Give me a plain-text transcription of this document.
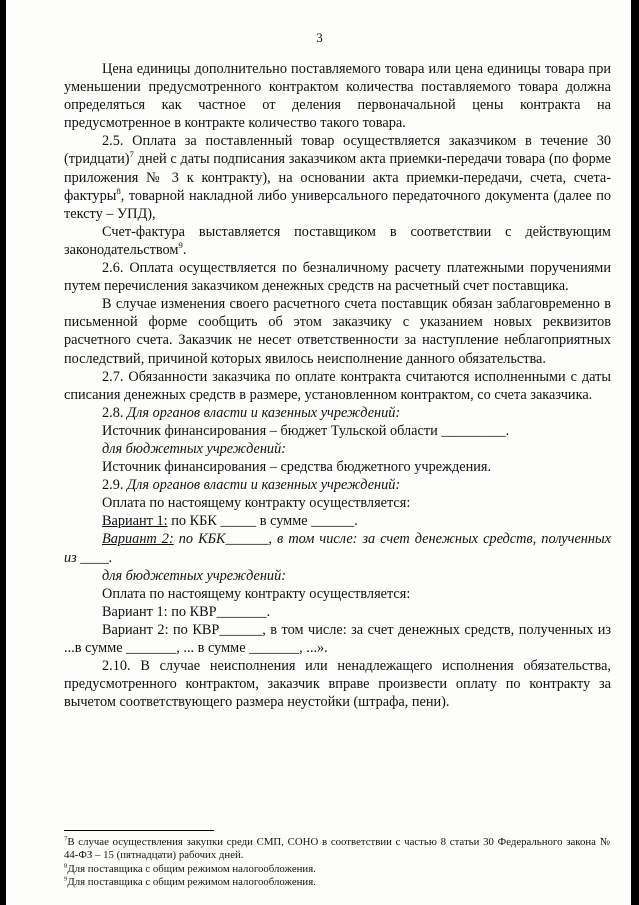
3

Цена единицы дополнительно поставляемого товара или цена единицы товара при уменьшении предусмотренного контрактом количества поставляемого товара должна определяться как частное от деления первоначальной цены контракта на предусмотренное в контракте количество такого товара.

2.5. Оплата за поставленный товар осуществляется заказчиком в течение 30 (тридцати)$^7$ дней с даты подписания заказчиком акта приемки-передачи товара (по форме приложения № 3 к контракту), на основании акта приемки-передачи, счета, счета-фактуры$^8$, товарной накладной либо универсального передаточного документа (далее по тексту – УПД),

Счет-фактура выставляется поставщиком в соответствии с действующим законодательством$^9$.

2.6. Оплата осуществляется по безналичному расчету платежными поручениями путем перечисления заказчиком денежных средств на расчетный счет поставщика.

В случае изменения своего расчетного счета поставщик обязан заблаговременно в письменной форме сообщить об этом заказчику с указанием новых реквизитов расчетного счета. Заказчик не несет ответственности за наступление неблагоприятных последствий, причиной которых явилось неисполнение данного обязательства.

2.7. Обязанности заказчика по оплате контракта считаются исполненными с даты списания денежных средств в размере, установленном контрактом, со счета заказчика.

2.8. Для органов власти и казенных учреждений:

Источник финансирования – бюджет Тульской области _________.

для бюджетных учреждений:

Источник финансирования – средства бюджетного учреждения.

2.9. Для органов власти и казенных учреждений:

Оплата по настоящему контракту осуществляется:

Вариант 1: по КБК _____ в сумме ______.

Вариант 2: по КБК______, в том числе: за счет денежных средств, полученных из ____.

для бюджетных учреждений:

Оплата по настоящему контракту осуществляется:

Вариант 1: по КВР_______.

Вариант 2: по КВР______, в том числе: за счет денежных средств, полученных из ...в сумме _______, ... в сумме _______, ...».

2.10. В случае неисполнения или ненадлежащего исполнения обязательства, предусмотренного контрактом, заказчик вправе произвести оплату по контракту за вычетом соответствующего размера неустойки (штрафа, пени).

$^7$В случае осуществления закупки среди СМП, СОНО в соответствии с частью 8 статьи 30 Федерального закона № 44-ФЗ – 15 (пятнадцати) рабочих дней.
$^8$Для поставщика с общим режимом налогообложения.
$^9$Для поставщика с общим режимом налогообложения.
